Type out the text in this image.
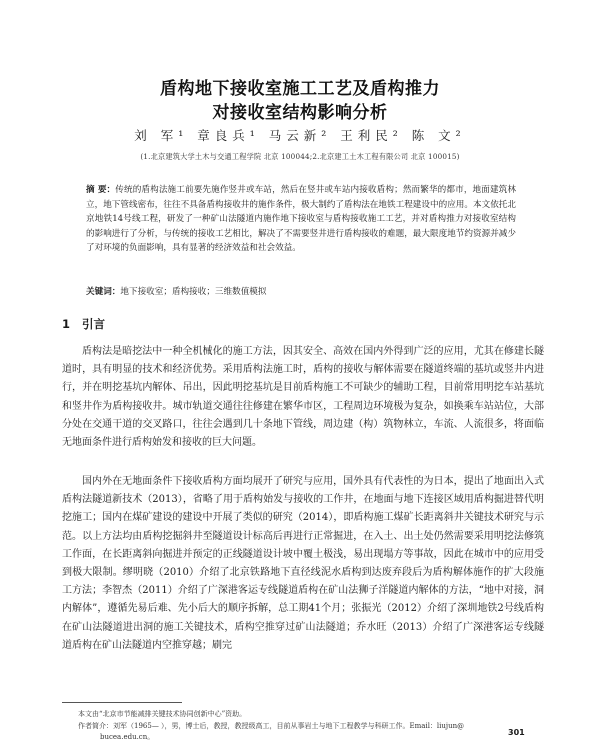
盾构地下接收室施工工艺及盾构推力
对接收室结构影响分析
刘 军¹ 章良兵¹ 马云新² 王利民² 陈 文²
(1.北京建筑大学土木与交通工程学院 北京 100044;2.北京建工土木工程有限公司 北京 100015)
摘 要：传统的盾构法施工前要先施作竖井或车站，然后在竖井或车站内接收盾构；然而繁华的都市，地面建筑林立，地下管线密布，往往不具备盾构接收井的施作条件，极大制约了盾构法在地铁工程建设中的应用。本文依托北京地铁14号线工程，研发了一种矿山法隧道内施作地下接收室与盾构接收施工工艺，并对盾构推力对接收室结构的影响进行了分析，与传统的接收工艺相比，解决了不需要竖井进行盾构接收的难题，最大限度地节约资源并减少了对环境的负面影响，具有显著的经济效益和社会效益。
关键词：地下接收室；盾构接收；三维数值模拟
1 引言

盾构法是暗挖法中一种全机械化的施工方法，因其安全、高效在国内外得到广泛的应用，尤其在修建长隧道时，具有明显的技术和经济优势。采用盾构法施工时，盾构的接收与解体需要在隧道终端的基坑或竖井内进行，并在明挖基坑内解体、吊出，因此明挖基坑是目前盾构施工不可缺少的辅助工程，目前常用明挖车站基坑和竖井作为盾构接收井。城市轨道交通往往修建在繁华市区，工程周边环境极为复杂，如换乘车站站位，大部分处在交通干道的交叉路口，往往会遇到几十条地下管线，周边建（构）筑物林立，车流、人流很多，将面临无地面条件进行盾构始发和接收的巨大问题。

国内外在无地面条件下接收盾构方面均展开了研究与应用，国外具有代表性的为日本，提出了地面出入式盾构法隧道新技术（2013），省略了用于盾构始发与接收的工作井，在地面与地下连接区域用盾构掘进替代明挖施工；国内在煤矿建设的建设中开展了类似的研究（2014），即盾构施工煤矿长距离斜井关键技术研究与示范。以上方法均由盾构挖掘斜井至隧道设计标高后再进行正常掘进，在入土、出土处仍然需要采用明挖法修筑工作面，在长距离斜向掘进并预定的正线隧道设计坡中覆土极浅，易出现塌方等事故，因此在城市中的应用受到极大限制。缪明晓（2010）介绍了北京铁路地下直径线泥水盾构到达废弃段后为盾构解体施作的扩大段施工方法；李智杰（2011）介绍了广深港客运专线隧道盾构在矿山法狮子洋隧道内解体的方法，“地中对接，洞内解体”，遵循先易后难、先小后大的顺序拆解，总工期41个月；张振光（2012）介绍了深圳地铁2号线盾构在矿山法隧道进出洞的施工关键技术，盾构空推穿过矿山法隧道；乔水旺（2013）介绍了广深港客运专线隧道盾构在矿山法隧道内空推穿越；刷完

本文由“北京市节能减排关键技术协同创新中心”资助。
作者简介：刘军（1965— ），男，博士后，教授，教授级高工，目前从事岩土与地下工程教学与科研工作。Email：liujun@
bucea.edu.cn。	301
